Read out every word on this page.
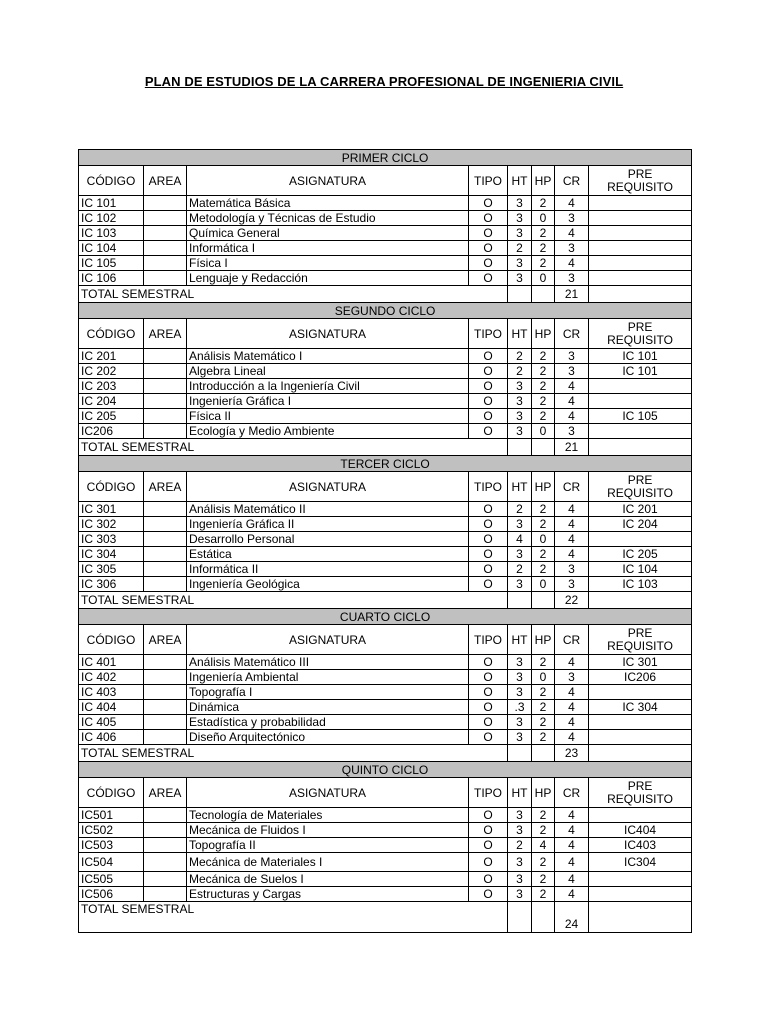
PLAN DE ESTUDIOS DE LA CARRERA PROFESIONAL DE INGENIERIA CIVIL
PRIMER CICLO							
CÓDIGO	AREA	ASIGNATURA	TIPO	HT	HP	CR	PRE
REQUISITO

IC 101		Matemática Básica	O	3	2	4	
IC 102		Metodología y Técnicas de Estudio	O	3	0	3	
IC 103		Química General	O	3	2	4	
IC 104		Informática I	O	2	2	3	
IC 105		Física I	O	3	2	4	
IC 106		Lenguaje y Redacción	O	3	0	3	
TOTAL SEMESTRAL						21	
SEGUNDO CICLO							
CÓDIGO	AREA	ASIGNATURA	TIPO	HT	HP	CR	PRE
REQUISITO

IC 201		Análisis Matemático I	O	2	2	3	IC 101
IC 202		Algebra Lineal	O	2	2	3	IC 101
IC 203		Introducción a la Ingeniería Civil	O	3	2	4	
IC 204		Ingeniería Gráfica I	O	3	2	4	
IC 205		Física II	O	3	2	4	IC 105
IC206		Ecología y Medio Ambiente	O	3	0	3	
TOTAL SEMESTRAL						21	
TERCER CICLO							
CÓDIGO	AREA	ASIGNATURA	TIPO	HT	HP	CR	PRE
REQUISITO

IC 301		Análisis Matemático II	O	2	2	4	IC 201
IC 302		Ingeniería Gráfica II	O	3	2	4	IC 204
IC 303		Desarrollo Personal	O	4	0	4	
IC 304		Estática	O	3	2	4	IC 205
IC 305		Informática II	O	2	2	3	IC 104
IC 306		Ingeniería Geológica	O	3	0	3	IC 103
TOTAL SEMESTRAL						22	
CUARTO CICLO							
CÓDIGO	AREA	ASIGNATURA	TIPO	HT	HP	CR	PRE
REQUISITO

IC 401		Análisis Matemático III	O	3	2	4	IC 301
IC 402		Ingeniería Ambiental	O	3	0	3	IC206
IC 403		Topografía I	O	3	2	4	
IC 404		Dinámica	O	.3	2	4	IC 304
IC 405		Estadística y probabilidad	O	3	2	4	
IC 406		Diseño Arquitectónico	O	3	2	4	
TOTAL SEMESTRAL						23	
QUINTO CICLO							
CÓDIGO	AREA	ASIGNATURA	TIPO	HT	HP	CR	PRE
REQUISITO

IC501		Tecnología de Materiales	O	3	2	4	
IC502		Mecánica de Fluidos I	O	3	2	4	IC404
IC503		Topografía II	O	2	4	4	IC403
IC504		Mecánica de Materiales I	O	3	2	4	IC304
IC505		Mecánica de Suelos I	O	3	2	4	
IC506		Estructuras y Cargas	O	3	2	4	
TOTAL SEMESTRAL						24	
